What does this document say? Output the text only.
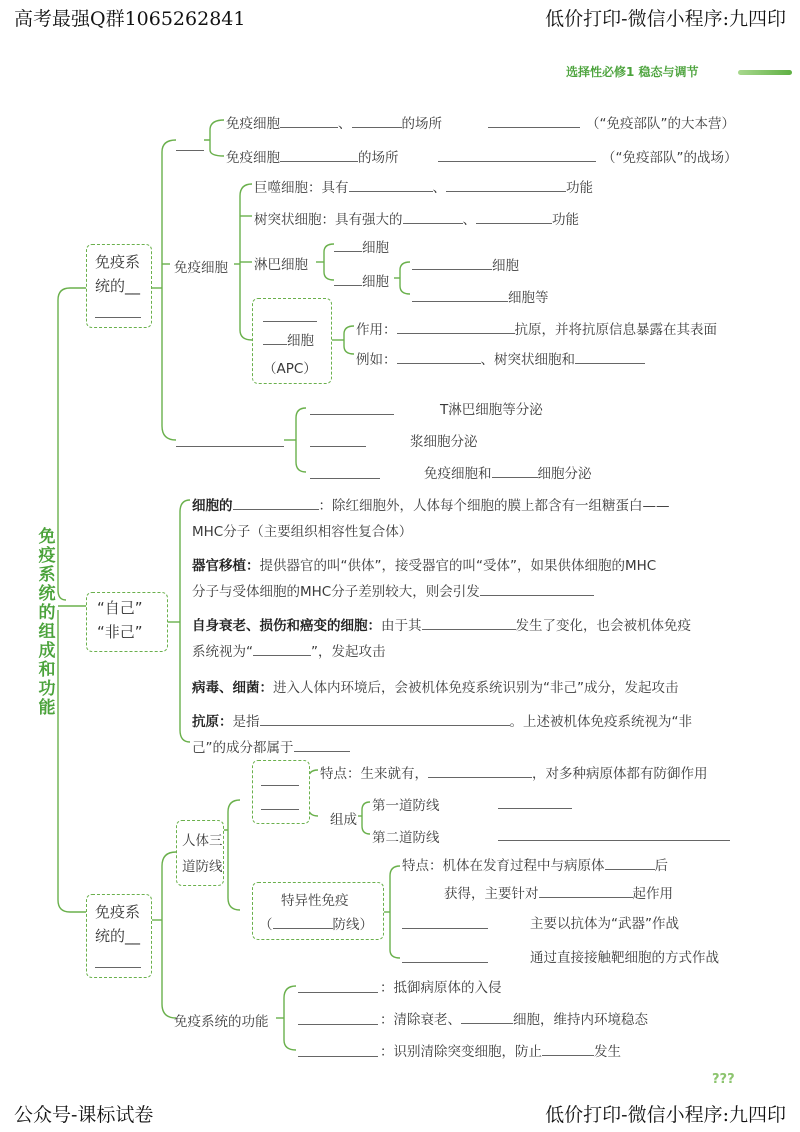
高考最强Q群1065262841	低价打印-微信小程序:九四印
公众号-课标试卷	低价打印-微信小程序:九四印
选择性必修1 稳态与调节
???
免疫系统的组成和功能
免疫系
统的__
免疫细胞	、	的场所	（“免疫部队”的大本营）
免疫细胞	的场所	（“免疫部队”的战场）
免疫细胞
巨噬细胞：具有	、	功能
树突状细胞：具有强大的	、	功能
淋巴细胞
细胞
细胞
细胞
细胞等
细胞
（APC）
作用：	抗原，并将抗原信息暴露在其表面
例如：	、树突状细胞和
T淋巴细胞等分泌
浆细胞分泌
免疫细胞和	细胞分泌
“自己”
“非己”
细胞的	：除红细胞外，人体每个细胞的膜上都含有一组糖蛋白——
MHC分子（主要组织相容性复合体）
器官移植：提供器官的叫“供体”，接受器官的叫“受体”，如果供体细胞的MHC
分子与受体细胞的MHC分子差别较大，则会引发
自身衰老、损伤和癌变的细胞：由于其	发生了变化，也会被机体免疫
系统视为“	”，发起攻击
病毒、细菌：进入人体内环境后，会被机体免疫系统识别为“非己”成分，发起攻击
抗原：是指	。上述被机体免疫系统视为“非
己”的成分都属于
免疫系
统的__
人体三
道防线
特点：生来就有，	，对多种病原体都有防御作用
组成
第一道防线
第二道防线
特异性免疫
（	防线）
特点：机体在发育过程中与病原体	后
获得，主要针对	起作用
主要以抗体为“武器”作战
通过直接接触靶细胞的方式作战
免疫系统的功能
：抵御病原体的入侵
：清除衰老、	细胞，维持内环境稳态
：识别清除突变细胞，防止	发生
